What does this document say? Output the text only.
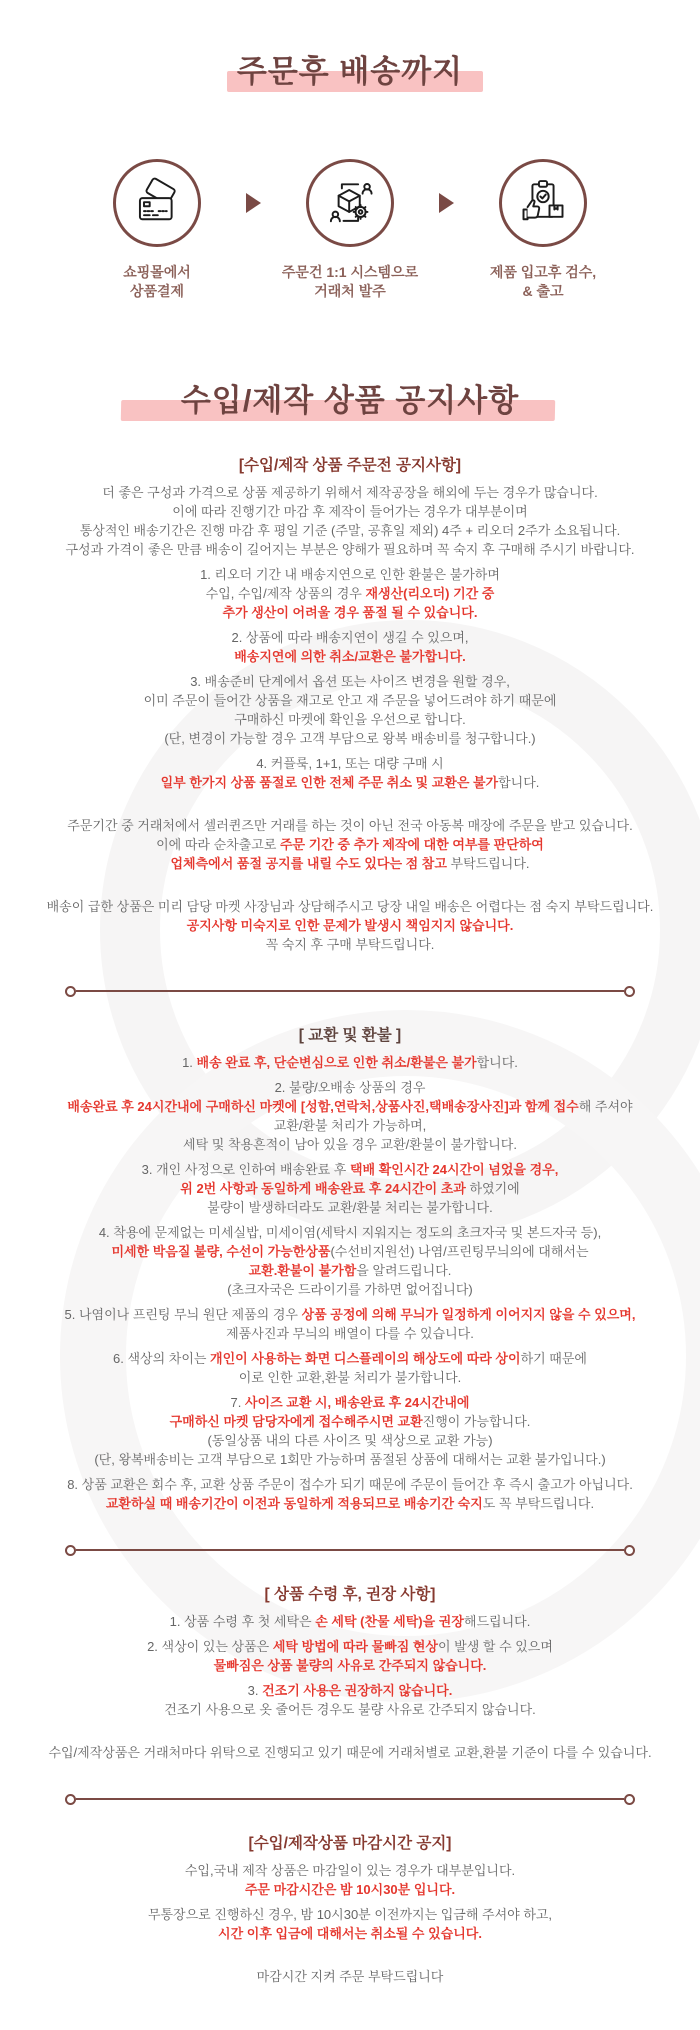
주문후 배송까지
쇼핑몰에서
상품결제
주문건 1:1 시스템으로
거래처 발주
제품 입고후 검수,
& 출고
수입/제작 상품 공지사항
[수입/제작 상품 주문전 공지사항]
더 좋은 구성과 가격으로 상품 제공하기 위해서 제작공장을 해외에 두는 경우가 많습니다.
이에 따라 진행기간 마감 후 제작이 들어가는 경우가 대부분이며
통상적인 배송기간은 진행 마감 후 평일 기준 (주말, 공휴일 제외) 4주 + 리오더 2주가 소요됩니다.
구성과 가격이 좋은 만큼 배송이 길어지는 부분은 양해가 필요하며 꼭 숙지 후 구매해 주시기 바랍니다.
1. 리오더 기간 내 배송지연으로 인한 환불은 불가하며
수입, 수입/제작 상품의 경우 재생산(리오더) 기간 중
추가 생산이 어려울 경우 품절 될 수 있습니다.
2. 상품에 따라 배송지연이 생길 수 있으며,
배송지연에 의한 취소/교환은 불가합니다.
3. 배송준비 단계에서 옵션 또는 사이즈 변경을 원할 경우,
이미 주문이 들어간 상품을 재고로 안고 재 주문을 넣어드려야 하기 때문에
구매하신 마켓에 확인을 우선으로 합니다.
(단, 변경이 가능할 경우 고객 부담으로 왕복 배송비를 청구합니다.)
4. 커플룩, 1+1, 또는 대량 구매 시
일부 한가지 상품 품절로 인한 전체 주문 취소 및 교환은 불가합니다.
주문기간 중 거래처에서 셀러퀸즈만 거래를 하는 것이 아닌 전국 아동복 매장에 주문을 받고 있습니다.
이에 따라 순차출고로 주문 기간 중 추가 제작에 대한 여부를 판단하여
업체측에서 품절 공지를 내릴 수도 있다는 점 참고 부탁드립니다.
배송이 급한 상품은 미리 담당 마켓 사장님과 상담해주시고 당장 내일 배송은 어렵다는 점 숙지 부탁드립니다.
공지사항 미숙지로 인한 문제가 발생시 책임지지 않습니다.
꼭 숙지 후 구매 부탁드립니다.
[ 교환 및 환불 ]
1. 배송 완료 후, 단순변심으로 인한 취소/환불은 불가합니다.
2. 불량/오배송 상품의 경우
배송완료 후 24시간내에 구매하신 마켓에 [성함,연락처,상품사진,택배송장사진]과 함께 접수해 주셔야
교환/환불 처리가 가능하며,
세탁 및 착용흔적이 남아 있을 경우 교환/환불이 불가합니다.
3. 개인 사정으로 인하여 배송완료 후 택배 확인시간 24시간이 넘었을 경우,
위 2번 사항과 동일하게 배송완료 후 24시간이 초과 하였기에
불량이 발생하더라도 교환/환불 처리는 불가합니다.
4. 착용에 문제없는 미세실밥, 미세이염(세탁시 지워지는 정도의 초크자국 및 본드자국 등),
미세한 박음질 불량, 수선이 가능한상품(수선비지원선) 나염/프린팅무늬의에 대해서는
교환.환불이 불가함을 알려드립니다.
(초크자국은 드라이기를 가하면 없어집니다)
5. 나염이나 프린팅 무늬 원단 제품의 경우 상품 공정에 의해 무늬가 일정하게 이어지지 않을 수 있으며,
제품사진과 무늬의 배열이 다를 수 있습니다.
6. 색상의 차이는 개인이 사용하는 화면 디스플레이의 해상도에 따라 상이하기 때문에
이로 인한 교환,환불 처리가 불가합니다.
7. 사이즈 교환 시, 배송완료 후 24시간내에
구매하신 마켓 담당자에게 접수해주시면 교환진행이 가능합니다.
(동일상품 내의 다른 사이즈 및 색상으로 교환 가능)
(단, 왕복배송비는 고객 부담으로 1회만 가능하며 품절된 상품에 대해서는 교환 불가입니다.)
8. 상품 교환은 회수 후, 교환 상품 주문이 접수가 되기 때문에 주문이 들어간 후 즉시 출고가 아닙니다.
교환하실 때 배송기간이 이전과 동일하게 적용되므로 배송기간 숙지도 꼭 부탁드립니다.
[ 상품 수령 후, 권장 사항]
1. 상품 수령 후 첫 세탁은 손 세탁 (찬물 세탁)을 권장해드립니다.
2. 색상이 있는 상품은 세탁 방법에 따라 물빠짐 현상이 발생 할 수 있으며
물빠짐은 상품 불량의 사유로 간주되지 않습니다.
3. 건조기 사용은 권장하지 않습니다.
건조기 사용으로 옷 줄어든 경우도 불량 사유로 간주되지 않습니다.
수입/제작상품은 거래처마다 위탁으로 진행되고 있기 때문에 거래처별로 교환,환불 기준이 다를 수 있습니다.
[수입/제작상품 마감시간 공지]
수입,국내 제작 상품은 마감일이 있는 경우가 대부분입니다.
주문 마감시간은 밤 10시30분 입니다.
무통장으로 진행하신 경우, 밤 10시30분 이전까지는 입금해 주셔야 하고,
시간 이후 입금에 대해서는 취소될 수 있습니다.
마감시간 지켜 주문 부탁드립니다
